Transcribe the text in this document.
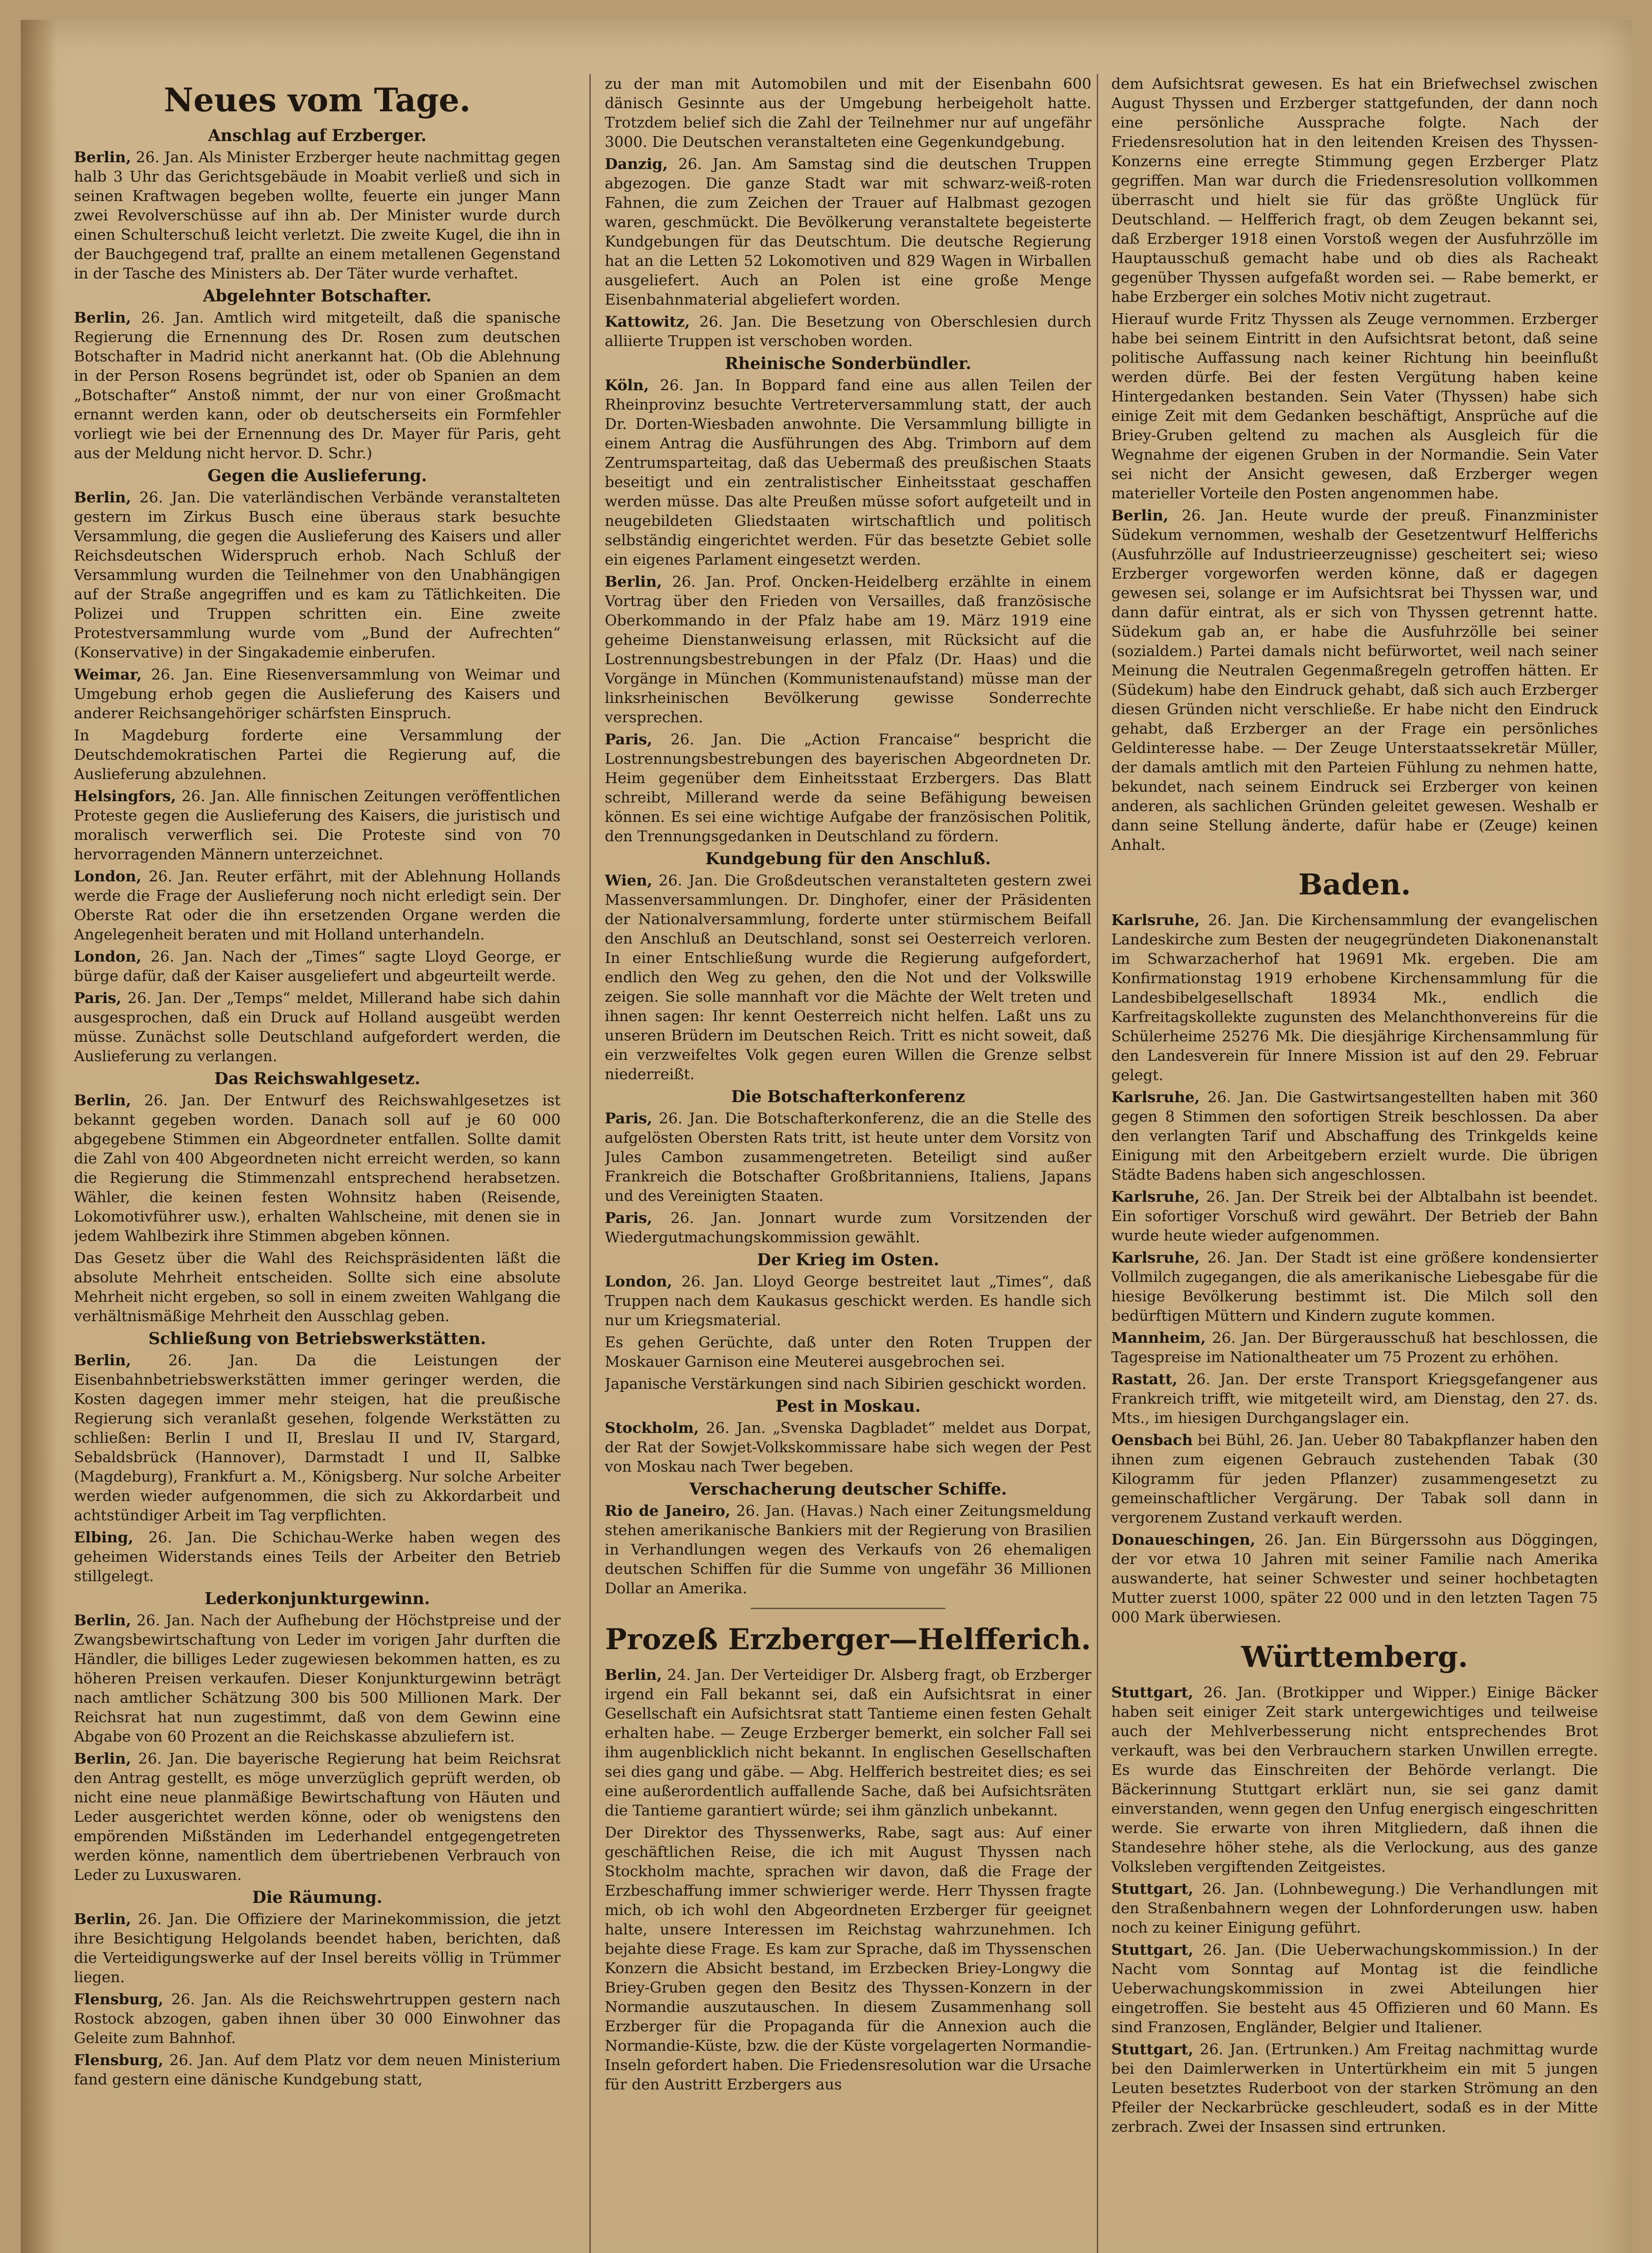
Neues vom Tage.
Anschlag auf Erzberger.

Berlin, 26. Jan. Als Minister Erzberger heute nachmittag gegen halb 3 Uhr das Gerichtsgebäude in Moabit verließ und sich in seinen Kraftwagen begeben wollte, feuerte ein junger Mann zwei Revolverschüsse auf ihn ab. Der Minister wurde durch einen Schulterschuß leicht verletzt. Die zweite Kugel, die ihn in der Bauchgegend traf, prallte an einem metallenen Gegenstand in der Tasche des Ministers ab. Der Täter wurde verhaftet.

Abgelehnter Botschafter.

Berlin, 26. Jan. Amtlich wird mitgeteilt, daß die spanische Regierung die Ernennung des Dr. Rosen zum deutschen Botschafter in Madrid nicht anerkannt hat. (Ob die Ablehnung in der Person Rosens begründet ist, oder ob Spanien an dem „Botschafter“ Anstoß nimmt, der nur von einer Großmacht ernannt werden kann, oder ob deutscherseits ein Formfehler vorliegt wie bei der Ernennung des Dr. Mayer für Paris, geht aus der Meldung nicht hervor. D. Schr.)

Gegen die Auslieferung.

Berlin, 26. Jan. Die vaterländischen Verbände veranstalteten gestern im Zirkus Busch eine überaus stark besuchte Versammlung, die gegen die Auslieferung des Kaisers und aller Reichsdeutschen Widerspruch erhob. Nach Schluß der Versammlung wurden die Teilnehmer von den Unabhängigen auf der Straße angegriffen und es kam zu Tätlichkeiten. Die Polizei und Truppen schritten ein. Eine zweite Protestversammlung wurde vom „Bund der Aufrechten“ (Konservative) in der Singakademie einberufen.

Weimar, 26. Jan. Eine Riesenversammlung von Weimar und Umgebung erhob gegen die Auslieferung des Kaisers und anderer Reichsangehöriger schärfsten Einspruch.

In Magdeburg forderte eine Versammlung der Deutschdemokratischen Partei die Regierung auf, die Auslieferung abzulehnen.

Helsingfors, 26. Jan. Alle finnischen Zeitungen veröffentlichen Proteste gegen die Auslieferung des Kaisers, die juristisch und moralisch verwerflich sei. Die Proteste sind von 70 hervorragenden Männern unterzeichnet.

London, 26. Jan. Reuter erfährt, mit der Ablehnung Hollands werde die Frage der Auslieferung noch nicht erledigt sein. Der Oberste Rat oder die ihn ersetzenden Organe werden die Angelegenheit beraten und mit Holland unterhandeln.

London, 26. Jan. Nach der „Times“ sagte Lloyd George, er bürge dafür, daß der Kaiser ausgeliefert und abgeurteilt werde.

Paris, 26. Jan. Der „Temps“ meldet, Millerand habe sich dahin ausgesprochen, daß ein Druck auf Holland ausgeübt werden müsse. Zunächst solle Deutschland aufgefordert werden, die Auslieferung zu verlangen.

Das Reichswahlgesetz.

Berlin, 26. Jan. Der Entwurf des Reichswahlgesetzes ist bekannt gegeben worden. Danach soll auf je 60 000 abgegebene Stimmen ein Abgeordneter entfallen. Sollte damit die Zahl von 400 Abgeordneten nicht erreicht werden, so kann die Regierung die Stimmenzahl entsprechend herabsetzen. Wähler, die keinen festen Wohnsitz haben (Reisende, Lokomotivführer usw.), erhalten Wahlscheine, mit denen sie in jedem Wahlbezirk ihre Stimmen abgeben können.

Das Gesetz über die Wahl des Reichspräsidenten läßt die absolute Mehrheit entscheiden. Sollte sich eine absolute Mehrheit nicht ergeben, so soll in einem zweiten Wahlgang die verhältnismäßige Mehrheit den Ausschlag geben.

Schließung von Betriebswerkstätten.

Berlin, 26. Jan. Da die Leistungen der Eisenbahnbetriebswerkstätten immer geringer werden, die Kosten dagegen immer mehr steigen, hat die preußische Regierung sich veranlaßt gesehen, folgende Werkstätten zu schließen: Berlin I und II, Breslau II und IV, Stargard, Sebaldsbrück (Hannover), Darmstadt I und II, Salbke (Magdeburg), Frankfurt a. M., Königsberg. Nur solche Arbeiter werden wieder aufgenommen, die sich zu Akkordarbeit und achtstündiger Arbeit im Tag verpflichten.

Elbing, 26. Jan. Die Schichau-Werke haben wegen des geheimen Widerstands eines Teils der Arbeiter den Betrieb stillgelegt.

Lederkonjunkturgewinn.

Berlin, 26. Jan. Nach der Aufhebung der Höchstpreise und der Zwangsbewirtschaftung von Leder im vorigen Jahr durften die Händler, die billiges Leder zugewiesen bekommen hatten, es zu höheren Preisen verkaufen. Dieser Konjunkturgewinn beträgt nach amtlicher Schätzung 300 bis 500 Millionen Mark. Der Reichsrat hat nun zugestimmt, daß von dem Gewinn eine Abgabe von 60 Prozent an die Reichskasse abzuliefern ist.

Berlin, 26. Jan. Die bayerische Regierung hat beim Reichsrat den Antrag gestellt, es möge unverzüglich geprüft werden, ob nicht eine neue planmäßige Bewirtschaftung von Häuten und Leder ausgerichtet werden könne, oder ob wenigstens den empörenden Mißständen im Lederhandel entgegengetreten werden könne, namentlich dem übertriebenen Verbrauch von Leder zu Luxuswaren.

Die Räumung.

Berlin, 26. Jan. Die Offiziere der Marinekommission, die jetzt ihre Besichtigung Helgolands beendet haben, berichten, daß die Verteidigungswerke auf der Insel bereits völlig in Trümmer liegen.

Flensburg, 26. Jan. Als die Reichswehrtruppen gestern nach Rostock abzogen, gaben ihnen über 30 000 Einwohner das Geleite zum Bahnhof.

Flensburg, 26. Jan. Auf dem Platz vor dem neuen Ministerium fand gestern eine dänische Kundgebung statt,

zu der man mit Automobilen und mit der Eisenbahn 600 dänisch Gesinnte aus der Umgebung herbeigeholt hatte. Trotzdem belief sich die Zahl der Teilnehmer nur auf ungefähr 3000. Die Deutschen veranstalteten eine Gegenkundgebung.

Danzig, 26. Jan. Am Samstag sind die deutschen Truppen abgezogen. Die ganze Stadt war mit schwarz-weiß-roten Fahnen, die zum Zeichen der Trauer auf Halbmast gezogen waren, geschmückt. Die Bevölkerung veranstaltete begeisterte Kundgebungen für das Deutschtum. Die deutsche Regierung hat an die Letten 52 Lokomotiven und 829 Wagen in Wirballen ausgeliefert. Auch an Polen ist eine große Menge Eisenbahnmaterial abgeliefert worden.

Kattowitz, 26. Jan. Die Besetzung von Oberschlesien durch alliierte Truppen ist verschoben worden.

Rheinische Sonderbündler.

Köln, 26. Jan. In Boppard fand eine aus allen Teilen der Rheinprovinz besuchte Vertreterversammlung statt, der auch Dr. Dorten-Wiesbaden anwohnte. Die Versammlung billigte in einem Antrag die Ausführungen des Abg. Trimborn auf dem Zentrumsparteitag, daß das Uebermaß des preußischen Staats beseitigt und ein zentralistischer Einheitsstaat geschaffen werden müsse. Das alte Preußen müsse sofort aufgeteilt und in neugebildeten Gliedstaaten wirtschaftlich und politisch selbständig eingerichtet werden. Für das besetzte Gebiet solle ein eigenes Parlament eingesetzt werden.

Berlin, 26. Jan. Prof. Oncken-Heidelberg erzählte in einem Vortrag über den Frieden von Versailles, daß französische Oberkommando in der Pfalz habe am 19. März 1919 eine geheime Dienstanweisung erlassen, mit Rücksicht auf die Lostrennungsbestrebungen in der Pfalz (Dr. Haas) und die Vorgänge in München (Kommunistenaufstand) müsse man der linksrheinischen Bevölkerung gewisse Sonderrechte versprechen.

Paris, 26. Jan. Die „Action Francaise“ bespricht die Lostrennungsbestrebungen des bayerischen Abgeordneten Dr. Heim gegenüber dem Einheitsstaat Erzbergers. Das Blatt schreibt, Millerand werde da seine Befähigung beweisen können. Es sei eine wichtige Aufgabe der französischen Politik, den Trennungsgedanken in Deutschland zu fördern.

Kundgebung für den Anschluß.

Wien, 26. Jan. Die Großdeutschen veranstalteten gestern zwei Massenversammlungen. Dr. Dinghofer, einer der Präsidenten der Nationalversammlung, forderte unter stürmischem Beifall den Anschluß an Deutschland, sonst sei Oesterreich verloren. In einer Entschließung wurde die Regierung aufgefordert, endlich den Weg zu gehen, den die Not und der Volkswille zeigen. Sie solle mannhaft vor die Mächte der Welt treten und ihnen sagen: Ihr kennt Oesterreich nicht helfen. Laßt uns zu unseren Brüdern im Deutschen Reich. Tritt es nicht soweit, daß ein verzweifeltes Volk gegen euren Willen die Grenze selbst niederreißt.

Die Botschafterkonferenz

Paris, 26. Jan. Die Botschafterkonferenz, die an die Stelle des aufgelösten Obersten Rats tritt, ist heute unter dem Vorsitz von Jules Cambon zusammengetreten. Beteiligt sind außer Frankreich die Botschafter Großbritanniens, Italiens, Japans und des Vereinigten Staaten.

Paris, 26. Jan. Jonnart wurde zum Vorsitzenden der Wiedergutmachungskommission gewählt.

Der Krieg im Osten.

London, 26. Jan. Lloyd George bestreitet laut „Times“, daß Truppen nach dem Kaukasus geschickt werden. Es handle sich nur um Kriegsmaterial.

Es gehen Gerüchte, daß unter den Roten Truppen der Moskauer Garnison eine Meuterei ausgebrochen sei.

Japanische Verstärkungen sind nach Sibirien geschickt worden.

Pest in Moskau.

Stockholm, 26. Jan. „Svenska Dagbladet“ meldet aus Dorpat, der Rat der Sowjet-Volkskommissare habe sich wegen der Pest von Moskau nach Twer begeben.

Verschacherung deutscher Schiffe.

Rio de Janeiro, 26. Jan. (Havas.) Nach einer Zeitungsmeldung stehen amerikanische Bankiers mit der Regierung von Brasilien in Verhandlungen wegen des Verkaufs von 26 ehemaligen deutschen Schiffen für die Summe von ungefähr 36 Millionen Dollar an Amerika.

Prozeß Erzberger—Helfferich.

Berlin, 24. Jan. Der Verteidiger Dr. Alsberg fragt, ob Erzberger irgend ein Fall bekannt sei, daß ein Aufsichtsrat in einer Gesellschaft ein Aufsichtsrat statt Tantieme einen festen Gehalt erhalten habe. — Zeuge Erzberger bemerkt, ein solcher Fall sei ihm augenblicklich nicht bekannt. In englischen Gesellschaften sei dies gang und gäbe. — Abg. Helfferich bestreitet dies; es sei eine außerordentlich auffallende Sache, daß bei Aufsichtsräten die Tantieme garantiert würde; sei ihm gänzlich unbekannt.

Der Direktor des Thyssenwerks, Rabe, sagt aus: Auf einer geschäftlichen Reise, die ich mit August Thyssen nach Stockholm machte, sprachen wir davon, daß die Frage der Erzbeschaffung immer schwieriger werde. Herr Thyssen fragte mich, ob ich wohl den Abgeordneten Erzberger für geeignet halte, unsere Interessen im Reichstag wahrzunehmen. Ich bejahte diese Frage. Es kam zur Sprache, daß im Thyssenschen Konzern die Absicht bestand, im Erzbecken Briey-Longwy die Briey-Gruben gegen den Besitz des Thyssen-Konzern in der Normandie auszutauschen. In diesem Zusammenhang soll Erzberger für die Propaganda für die Annexion auch die Normandie-Küste, bzw. die der Küste vorgelagerten Normandie-Inseln gefordert haben. Die Friedensresolution war die Ursache für den Austritt Erzbergers aus

dem Aufsichtsrat gewesen. Es hat ein Briefwechsel zwischen August Thyssen und Erzberger stattgefunden, der dann noch eine persönliche Aussprache folgte. Nach der Friedensresolution hat in den leitenden Kreisen des Thyssen-Konzerns eine erregte Stimmung gegen Erzberger Platz gegriffen. Man war durch die Friedensresolution vollkommen überrascht und hielt sie für das größte Unglück für Deutschland. — Helfferich fragt, ob dem Zeugen bekannt sei, daß Erzberger 1918 einen Vorstoß wegen der Ausfuhrzölle im Hauptausschuß gemacht habe und ob dies als Racheakt gegenüber Thyssen aufgefaßt worden sei. — Rabe bemerkt, er habe Erzberger ein solches Motiv nicht zugetraut.

Hierauf wurde Fritz Thyssen als Zeuge vernommen. Erzberger habe bei seinem Eintritt in den Aufsichtsrat betont, daß seine politische Auffassung nach keiner Richtung hin beeinflußt werden dürfe. Bei der festen Vergütung haben keine Hintergedanken bestanden. Sein Vater (Thyssen) habe sich einige Zeit mit dem Gedanken beschäftigt, Ansprüche auf die Briey-Gruben geltend zu machen als Ausgleich für die Wegnahme der eigenen Gruben in der Normandie. Sein Vater sei nicht der Ansicht gewesen, daß Erzberger wegen materieller Vorteile den Posten angenommen habe.

Berlin, 26. Jan. Heute wurde der preuß. Finanzminister Südekum vernommen, weshalb der Gesetzentwurf Helfferichs (Ausfuhrzölle auf Industrieerzeugnisse) gescheitert sei; wieso Erzberger vorgeworfen werden könne, daß er dagegen gewesen sei, solange er im Aufsichtsrat bei Thyssen war, und dann dafür eintrat, als er sich von Thyssen getrennt hatte. Südekum gab an, er habe die Ausfuhrzölle bei seiner (sozialdem.) Partei damals nicht befürwortet, weil nach seiner Meinung die Neutralen Gegenmaßregeln getroffen hätten. Er (Südekum) habe den Eindruck gehabt, daß sich auch Erzberger diesen Gründen nicht verschließe. Er habe nicht den Eindruck gehabt, daß Erzberger an der Frage ein persönliches Geldinteresse habe. — Der Zeuge Unterstaatssekretär Müller, der damals amtlich mit den Parteien Fühlung zu nehmen hatte, bekundet, nach seinem Eindruck sei Erzberger von keinen anderen, als sachlichen Gründen geleitet gewesen. Weshalb er dann seine Stellung änderte, dafür habe er (Zeuge) keinen Anhalt.

Baden.

Karlsruhe, 26. Jan. Die Kirchensammlung der evangelischen Landeskirche zum Besten der neugegründeten Diakonenanstalt im Schwarzacherhof hat 19691 Mk. ergeben. Die am Konfirmationstag 1919 erhobene Kirchensammlung für die Landesbibelgesellschaft 18934 Mk., endlich die Karfreitagskollekte zugunsten des Melanchthonvereins für die Schülerheime 25276 Mk. Die diesjährige Kirchensammlung für den Landesverein für Innere Mission ist auf den 29. Februar gelegt.

Karlsruhe, 26. Jan. Die Gastwirtsangestellten haben mit 360 gegen 8 Stimmen den sofortigen Streik beschlossen. Da aber den verlangten Tarif und Abschaffung des Trinkgelds keine Einigung mit den Arbeitgebern erzielt wurde. Die übrigen Städte Badens haben sich angeschlossen.

Karlsruhe, 26. Jan. Der Streik bei der Albtalbahn ist beendet. Ein sofortiger Vorschuß wird gewährt. Der Betrieb der Bahn wurde heute wieder aufgenommen.

Karlsruhe, 26. Jan. Der Stadt ist eine größere kondensierter Vollmilch zugegangen, die als amerikanische Liebesgabe für die hiesige Bevölkerung bestimmt ist. Die Milch soll den bedürftigen Müttern und Kindern zugute kommen.

Mannheim, 26. Jan. Der Bürgerausschuß hat beschlossen, die Tagespreise im Nationaltheater um 75 Prozent zu erhöhen.

Rastatt, 26. Jan. Der erste Transport Kriegsgefangener aus Frankreich trifft, wie mitgeteilt wird, am Dienstag, den 27. ds. Mts., im hiesigen Durchgangslager ein.

Oensbach bei Bühl, 26. Jan. Ueber 80 Tabakpflanzer haben den ihnen zum eigenen Gebrauch zustehenden Tabak (30 Kilogramm für jeden Pflanzer) zusammengesetzt zu gemeinschaftlicher Vergärung. Der Tabak soll dann in vergorenem Zustand verkauft werden.

Donaueschingen, 26. Jan. Ein Bürgerssohn aus Döggingen, der vor etwa 10 Jahren mit seiner Familie nach Amerika auswanderte, hat seiner Schwester und seiner hochbetagten Mutter zuerst 1000, später 22 000 und in den letzten Tagen 75 000 Mark überwiesen.

Württemberg.

Stuttgart, 26. Jan. (Brotkipper und Wipper.) Einige Bäcker haben seit einiger Zeit stark untergewichtiges und teilweise auch der Mehlverbesserung nicht entsprechendes Brot verkauft, was bei den Verbrauchern starken Unwillen erregte. Es wurde das Einschreiten der Behörde verlangt. Die Bäckerinnung Stuttgart erklärt nun, sie sei ganz damit einverstanden, wenn gegen den Unfug energisch eingeschritten werde. Sie erwarte von ihren Mitgliedern, daß ihnen die Standesehre höher stehe, als die Verlockung, aus des ganze Volksleben vergiftenden Zeitgeistes.

Stuttgart, 26. Jan. (Lohnbewegung.) Die Verhandlungen mit den Straßenbahnern wegen der Lohnforderungen usw. haben noch zu keiner Einigung geführt.

Stuttgart, 26. Jan. (Die Ueberwachungskommission.) In der Nacht vom Sonntag auf Montag ist die feindliche Ueberwachungskommission in zwei Abteilungen hier eingetroffen. Sie besteht aus 45 Offizieren und 60 Mann. Es sind Franzosen, Engländer, Belgier und Italiener.

Stuttgart, 26. Jan. (Ertrunken.) Am Freitag nachmittag wurde bei den Daimlerwerken in Untertürkheim ein mit 5 jungen Leuten besetztes Ruderboot von der starken Strömung an den Pfeiler der Neckarbrücke geschleudert, sodaß es in der Mitte zerbrach. Zwei der Insassen sind ertrunken.
